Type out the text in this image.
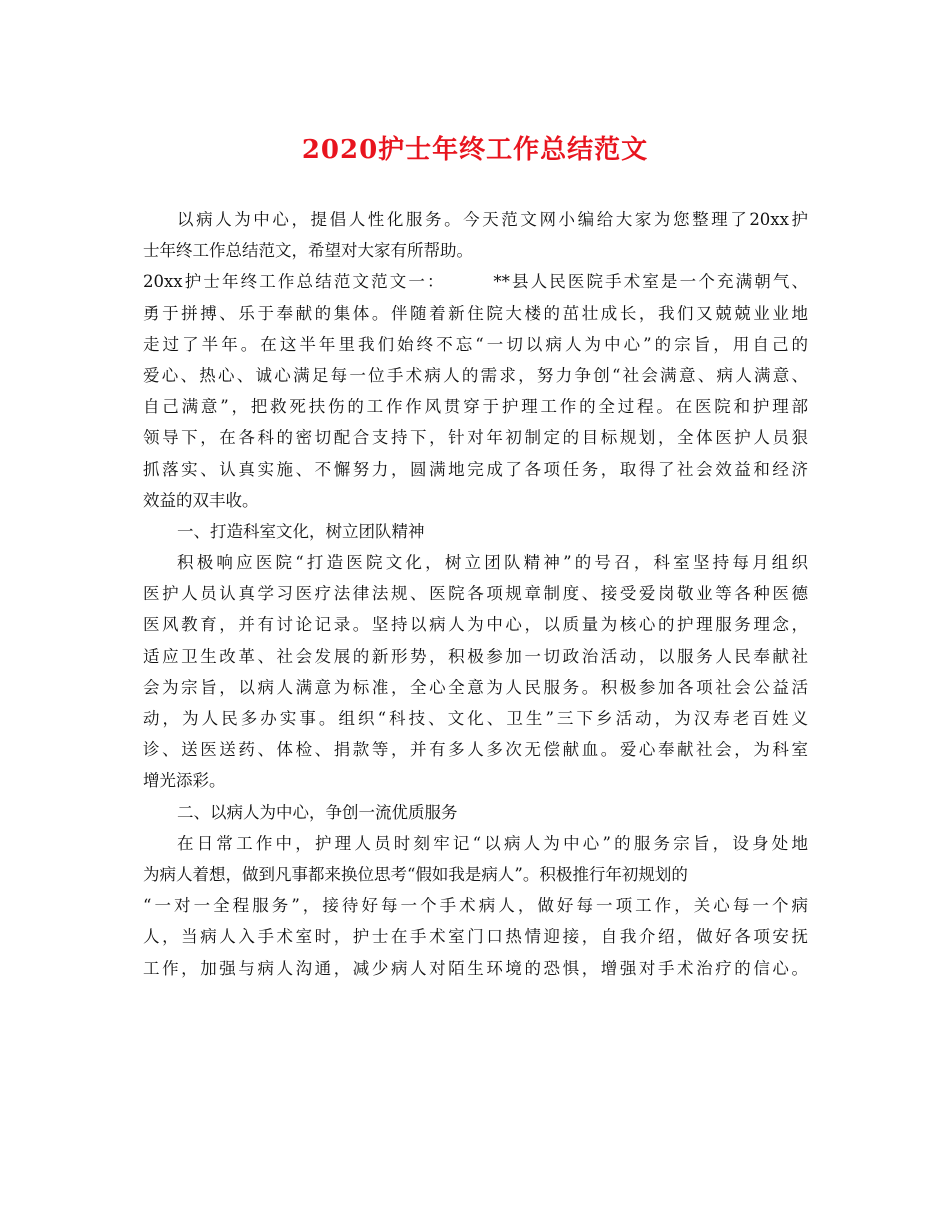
2020护士年终工作总结范文
以病人为中心，提倡人性化服务。今天范文网小编给大家为您整理了20xx护
士年终工作总结范文，希望对大家有所帮助。
20xx护士年终工作总结范文范文一：　　　**县人民医院手术室是一个充满朝气、
勇于拼搏、乐于奉献的集体。伴随着新住院大楼的茁壮成长，我们又兢兢业业地
走过了半年。在这半年里我们始终不忘“一切以病人为中心”的宗旨，用自己的
爱心、热心、诚心满足每一位手术病人的需求，努力争创“社会满意、病人满意、
自己满意”，把救死扶伤的工作作风贯穿于护理工作的全过程。在医院和护理部
领导下，在各科的密切配合支持下，针对年初制定的目标规划，全体医护人员狠
抓落实、认真实施、不懈努力，圆满地完成了各项任务，取得了社会效益和经济
效益的双丰收。
一、打造科室文化，树立团队精神
积极响应医院“打造医院文化，树立团队精神”的号召，科室坚持每月组织
医护人员认真学习医疗法律法规、医院各项规章制度、接受爱岗敬业等各种医德
医风教育，并有讨论记录。坚持以病人为中心，以质量为核心的护理服务理念，
适应卫生改革、社会发展的新形势，积极参加一切政治活动，以服务人民奉献社
会为宗旨，以病人满意为标准，全心全意为人民服务。积极参加各项社会公益活
动，为人民多办实事。组织“科技、文化、卫生”三下乡活动，为汉寿老百姓义
诊、送医送药、体检、捐款等，并有多人多次无偿献血。爱心奉献社会，为科室
增光添彩。
二、以病人为中心，争创一流优质服务
在日常工作中，护理人员时刻牢记“以病人为中心”的服务宗旨，设身处地
为病人着想，做到凡事都来换位思考“假如我是病人”。积极推行年初规划的
“一对一全程服务”，接待好每一个手术病人，做好每一项工作，关心每一个病
人，当病人入手术室时，护士在手术室门口热情迎接，自我介绍，做好各项安抚
工作，加强与病人沟通，减少病人对陌生环境的恐惧，增强对手术治疗的信心。
